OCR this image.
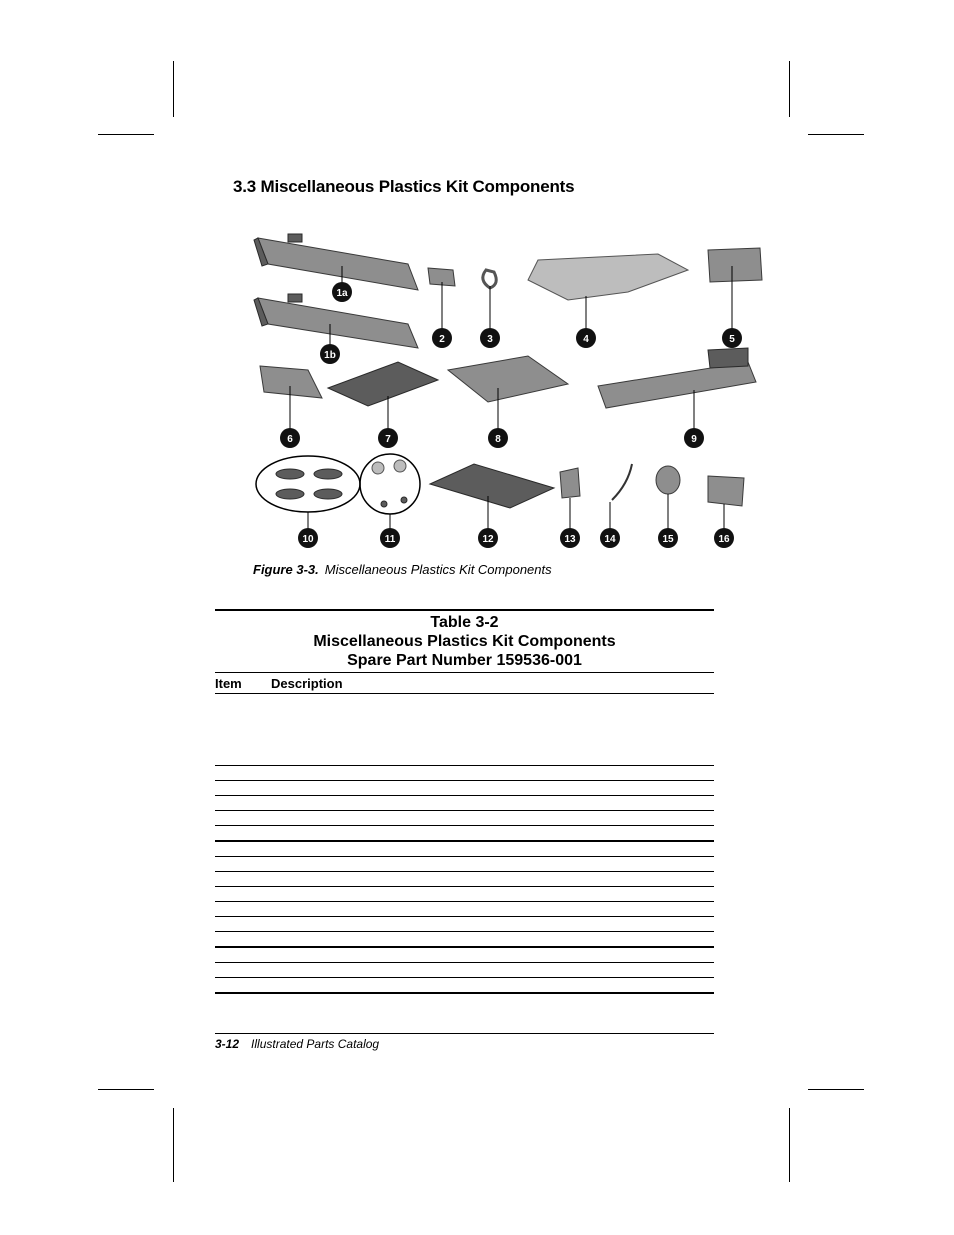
3.3 Miscellaneous Plastics Kit Components
1a
1b
2	3	4	5
6	7	8	9
10	11	12	13	14	15	16
Figure 3-3. Miscellaneous Plastics Kit Components
Table 3-2
Miscellaneous Plastics Kit Components
Spare Part Number 159536-001
Item Description
3-12 Illustrated Parts Catalog
